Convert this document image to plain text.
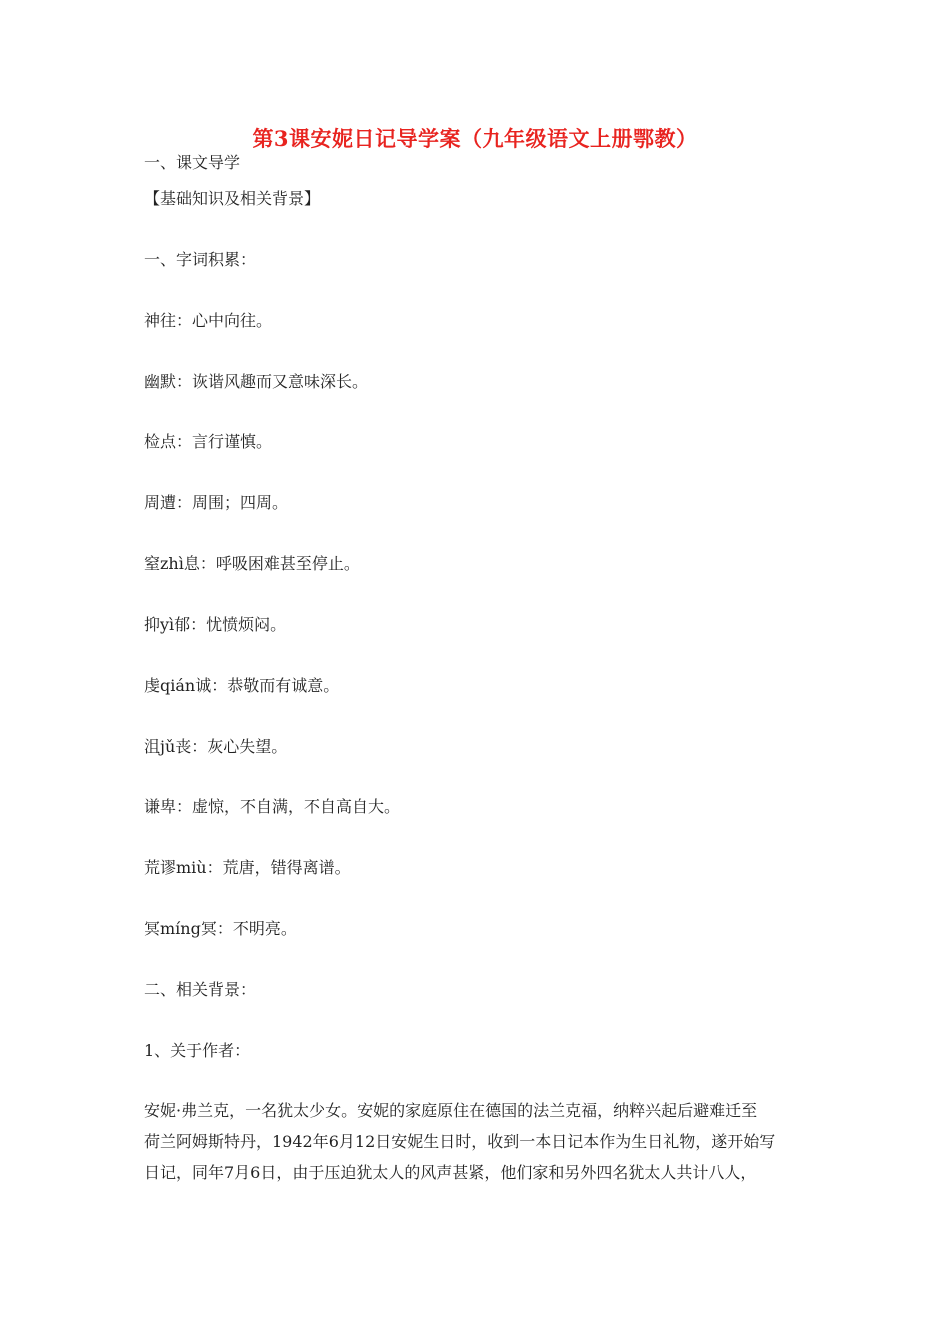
第3课安妮日记导学案（九年级语文上册鄂教）
一、课文导学
【基础知识及相关背景】
一、字词积累：
神往：心中向往。
幽默：诙谐风趣而又意味深长。
检点：言行谨慎。
周遭：周围；四周。
窒zhì息：呼吸困难甚至停止。
抑yì郁：忧愤烦闷。
虔qián诚：恭敬而有诚意。
沮jǔ丧：灰心失望。
谦卑：虚惊，不自满，不自高自大。
荒谬miù：荒唐，错得离谱。
冥míng冥：不明亮。
二、相关背景：
1、关于作者：
安妮·弗兰克，一名犹太少女。安妮的家庭原住在德国的法兰克福，纳粹兴起后避难迁至
荷兰阿姆斯特丹，1942年6月12日安妮生日时，收到一本日记本作为生日礼物，遂开始写
日记，同年7月6日，由于压迫犹太人的风声甚紧，他们家和另外四名犹太人共计八人，
